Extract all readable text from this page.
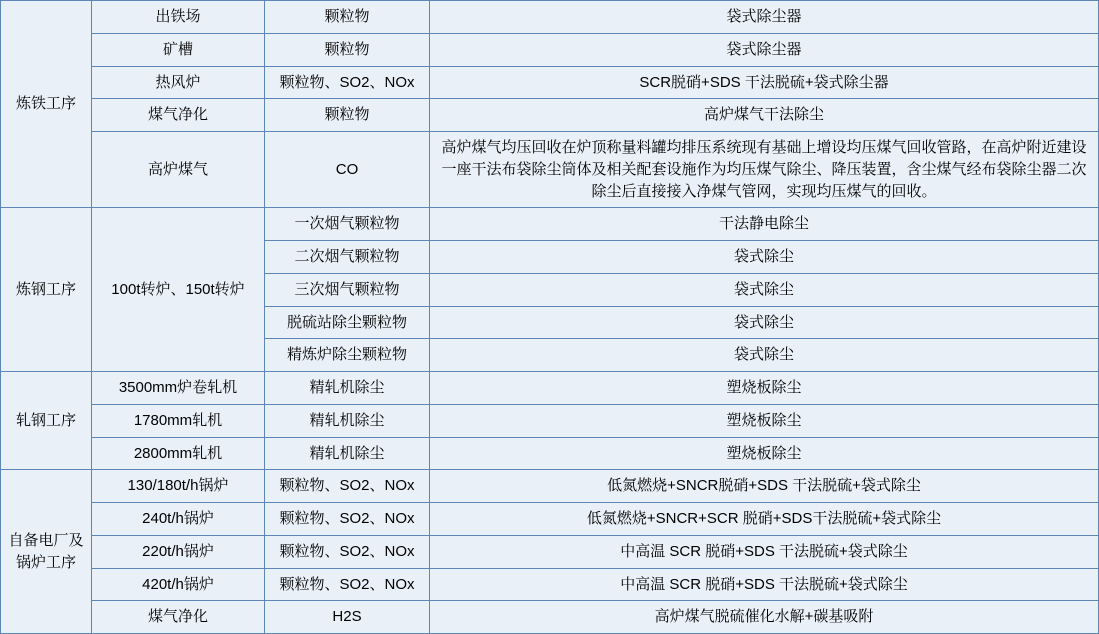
炼铁工序	出铁场	颗粒物	袋式除尘器
	矿槽	颗粒物	袋式除尘器
	热风炉	颗粒物、SO2、NOx	SCR脱硝+SDS 干法脱硫+袋式除尘器
	煤气净化	颗粒物	高炉煤气干法除尘
	高炉煤气	CO	高炉煤气均压回收在炉顶称量料罐均排压系统现有基础上增设均压煤气回收管路，在高炉附近建设一座干法布袋除尘筒体及相关配套设施作为均压煤气除尘、降压装置，含尘煤气经布袋除尘器二次除尘后直接接入净煤气管网，实现均压煤气的回收。
炼钢工序	100t转炉、150t转炉	一次烟气颗粒物	干法静电除尘
		二次烟气颗粒物	袋式除尘
		三次烟气颗粒物	袋式除尘
		脱硫站除尘颗粒物	袋式除尘
		精炼炉除尘颗粒物	袋式除尘
轧钢工序	3500mm炉卷轧机	精轧机除尘	塑烧板除尘
	1780mm轧机	精轧机除尘	塑烧板除尘
	2800mm轧机	精轧机除尘	塑烧板除尘
自备电厂及锅炉工序	130/180t/h锅炉	颗粒物、SO2、NOx	低氮燃烧+SNCR脱硝+SDS 干法脱硫+袋式除尘
	240t/h锅炉	颗粒物、SO2、NOx	低氮燃烧+SNCR+SCR 脱硝+SDS干法脱硫+袋式除尘
	220t/h锅炉	颗粒物、SO2、NOx	中高温 SCR 脱硝+SDS 干法脱硫+袋式除尘
	420t/h锅炉	颗粒物、SO2、NOx	中高温 SCR 脱硝+SDS 干法脱硫+袋式除尘
	煤气净化	H2S	高炉煤气脱硫催化水解+碳基吸附
